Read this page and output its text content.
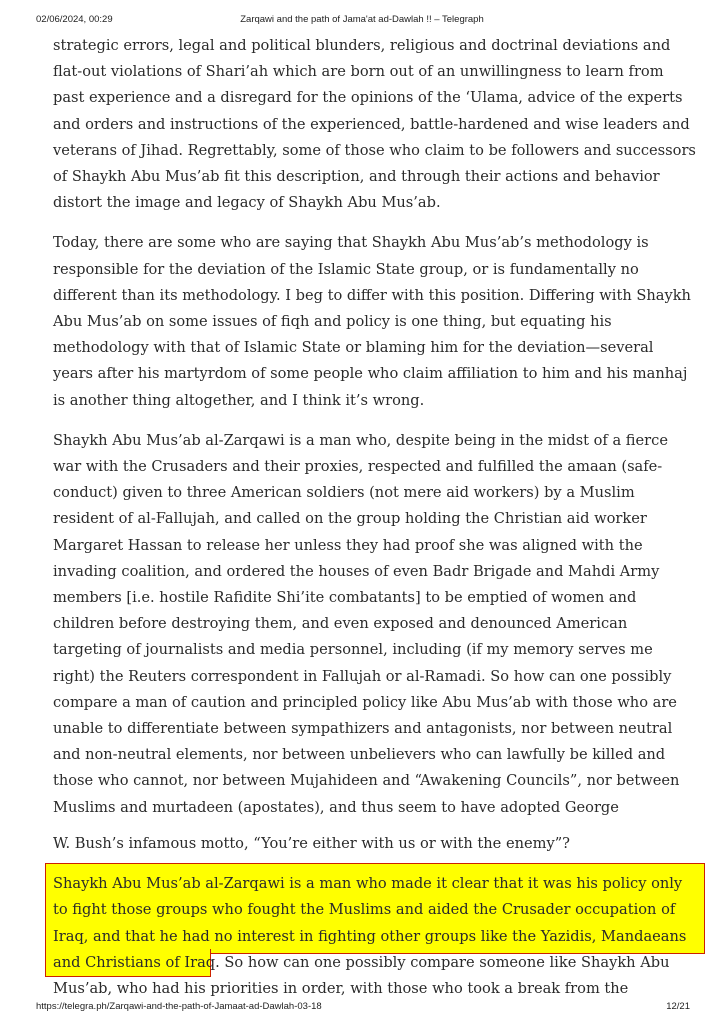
02/06/2024, 00:29	Zarqawi and the path of Jama'at ad-Dawlah !! – Telegraph

strategic errors, legal and political blunders, religious and doctrinal deviations and flat-out violations of Shari’ah which are born out of an unwillingness to learn from past experience and a disregard for the opinions of the ‘Ulama, advice of the experts and orders and instructions of the experienced, battle-hardened and wise leaders and veterans of Jihad. Regrettably, some of those who claim to be followers and successors of Shaykh Abu Mus’ab fit this description, and through their actions and behavior distort the image and legacy of Shaykh Abu Mus’ab.

Today, there are some who are saying that Shaykh Abu Mus’ab’s methodology is responsible for the deviation of the Islamic State group, or is fundamentally no different than its methodology. I beg to differ with this position. Differing with Shaykh Abu Mus’ab on some issues of fiqh and policy is one thing, but equating his methodology with that of Islamic State or blaming him for the deviation—several years after his martyrdom of some people who claim affiliation to him and his manhaj is another thing altogether, and I think it’s wrong.

Shaykh Abu Mus’ab al-Zarqawi is a man who, despite being in the midst of a fierce war with the Crusaders and their proxies, respected and fulfilled the amaan (safe-conduct) given to three American soldiers (not mere aid workers) by a Muslim resident of al-Fallujah, and called on the group holding the Christian aid worker Margaret Hassan to release her unless they had proof she was aligned with the invading coalition, and ordered the houses of even Badr Brigade and Mahdi Army members [i.e. hostile Rafidite Shi’ite combatants] to be emptied of women and children before destroying them, and even exposed and denounced American targeting of journalists and media personnel, including (if my memory serves me right) the Reuters correspondent in Fallujah or al-Ramadi. So how can one possibly compare a man of caution and principled policy like Abu Mus’ab with those who are unable to differentiate between sympathizers and antagonists, nor between neutral and non-neutral elements, nor between unbelievers who can lawfully be killed and those who cannot, nor between Mujahideen and “Awakening Councils”, nor between Muslims and murtadeen (apostates), and thus seem to have adopted George

W. Bush’s infamous motto, “You’re either with us or with the enemy”?

Shaykh Abu Mus’ab al-Zarqawi is a man who made it clear that it was his policy only to fight those groups who fought the Muslims and aided the Crusader occupation of Iraq, and that he had no interest in fighting other groups like the Yazidis, Mandaeans and Christians of Iraq. So how can one possibly compare someone like Shaykh Abu Mus’ab, who had his priorities in order, with those who took a break from the

https://telegra.ph/Zarqawi-and-the-path-of-Jamaat-ad-Dawlah-03-18	12/21
